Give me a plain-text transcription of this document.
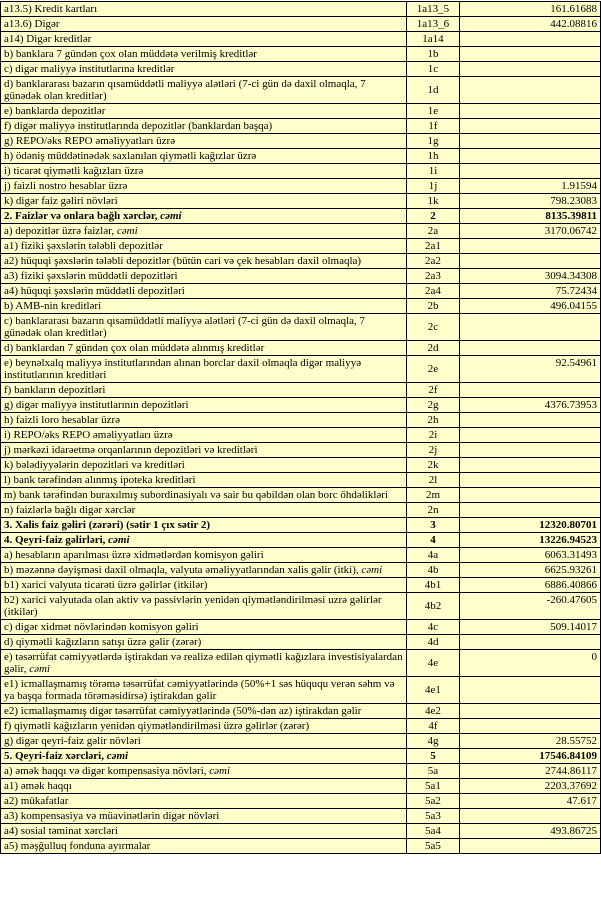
a13.5) Kredit kartları	1a13_5	161.61688
a13.6) Digər	1a13_6	442.08816
a14) Digər kreditlər	1a14	
b) banklara 7 gündən çox olan müddətə verilmiş kreditlər	1b	
c) digər maliyyə institutlarına kreditlər	1c	
d) banklararası bazarın qısamüddətli maliyyə alətləri (7-ci gün də daxil olmaqla, 7 günədək olan kreditlər)	1d	
e) banklarda depozitlər	1e	
f) digər maliyyə institutlarında depozitlər (banklardan başqa)	1f	
g) REPO/əks REPO əməliyyatları üzrə	1g	
h) ödəniş müddətinədək saxlanılan qiymətli kağızlar üzrə	1h	
i) ticarət qiymətli kağızları üzrə	1i	
j) faizli nostro hesablar üzrə	1j	1.91594
k) digər faiz gəliri növləri	1k	798.23083
2. Faizlər və onlara bağlı xərclər, cəmi	2	8135.39811
a) depozitlər üzrə faizlər, cəmi	2a	3170.06742
a1) fiziki şəxslərin tələbli depozitlər	2a1	
a2) hüquqi şəxslərin tələbli depozitlər (bütün cari və çek hesabları daxil olmaqla)	2a2	
a3) fiziki şəxslərin müddətli depozitləri	2a3	3094.34308
a4) hüquqi şəxslərin müddətli depozitləri	2a4	75.72434
b) AMB-nin kreditləri	2b	496.04155
c) banklararası bazarın qısamüddətli maliyyə alətləri (7-ci gün də daxil olmaqla, 7 günədək olan kreditlər)	2c	
d) banklardan 7 gündən çox olan müddətə alınmış kreditlər	2d	
e) beynəlxalq maliyyə institutlarından alınan borclar daxil olmaqla digər maliyyə institutlarının kreditləri	2e	92.54961
f) bankların depozitləri	2f	
g) digər maliyyə institutlarının depozitləri	2g	4376.73953
h) faizli loro hesablar üzrə	2h	
i) REPO/əks REPO əməliyyatları üzrə	2i	
j) mərkəzi idarəetmə orqanlarının depozitləri və kreditləri	2j	
k) bələdiyyələrin depozitləri və kreditləri	2k	
l) bank tərəfindən alınmış ipoteka kreditləri	2l	
m) bank tərəfindən buraxılmış subordinasiyalı və sair bu qəbildən olan borc öhdəlikləri	2m	
n) faizlərlə bağlı digər xərclər	2n	
3. Xalis faiz gəliri (zərəri) (sətir 1 çıx sətir 2)	3	12320.80701
4. Qeyri-faiz gəlirləri, cəmi	4	13226.94523
a) hesabların aparılması üzrə xidmətlərdən komisyon gəliri	4a	6063.31493
b) məzənnə dəyişməsi daxil olmaqla, valyuta əməliyyatlarından xalis gəlir (itki), cəmi	4b	6625.93261
b1) xarici valyuta ticarəti üzrə gəlirlər (itkilər)	4b1	6886.40866
b2) xarici valyutada olan aktiv və passivlərin yenidən qiymətləndirilməsi uzrə gəlirlər (itkilər)	4b2	-260.47605
c) digər xidmət növlərindən komisyon gəliri	4c	509.14017
d) qiymətli kağızların satışı üzrə gəlir (zərər)	4d	
e) təsərrüfat cəmiyyətlərdə iştirakdan və realizə edilən qiymətli kağızlara investisiyalardan gəlir, cəmi	4e	0
e1) icmallaşmamış törəmə təsərrüfat cəmiyyətlərində (50%+1 səs hüququ verən səhm və ya başqa formada törəməsidirsə) iştirakdan gəlir	4e1	
e2) icmallaşmamış digər təsərrüfat cəmiyyətlərində (50%-dən az) iştirakdan gəlir	4e2	
f) qiymətli kağızların yenidən qiymətləndirilməsi üzrə gəlirlər (zərər)	4f	
g) digər qeyri-faiz gəlir növləri	4g	28.55752
5. Qeyri-faiz xərcləri, cəmi	5	17546.84109
a) əmək haqqı və digər kompensasiya növləri, cəmi	5a	2744.86117
a1) əmək haqqı	5a1	2203.37692
a2) mükafatlar	5a2	47.617
a3) kompensasiya və müavinətlərin digər növləri	5a3	
a4) sosial təminat xərcləri	5a4	493.86725
a5) məşğulluq fonduna ayırmalar	5a5	
